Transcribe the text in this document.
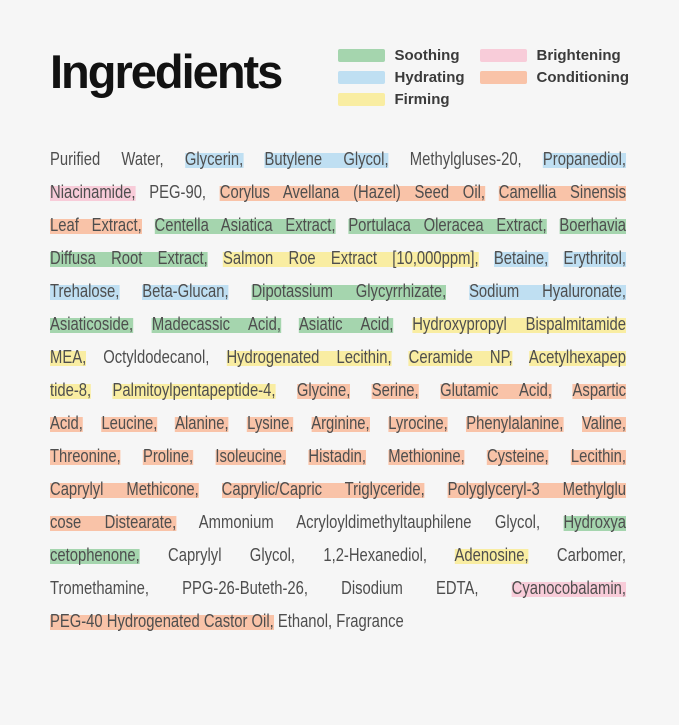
Ingredients	Soothing
Hydrating
Firming
Brightening
Conditioning
Purified Water, Glycerin, Butylene Glycol, Methylgluses-20, Propanediol,
Niacinamide, PEG-90, Corylus Avellana (Hazel) Seed Oil, Camellia Sinensis
Leaf Extract, Centella Asiatica Extract, Portulaca Oleracea Extract, Boerhavia
Diffusa Root Extract, Salmon Roe Extract [10,000ppm], Betaine, Erythritol,
Trehalose, Beta-Glucan, Dipotassium Glycyrrhizate, Sodium Hyaluronate,
Asiaticoside, Madecassic Acid, Asiatic Acid, Hydroxypropyl Bispalmitamide
MEA, Octyldodecanol, Hydrogenated Lecithin, Ceramide NP, Acetylhexapep
tide-8, Palmitoylpentapeptide-4, Glycine, Serine, Glutamic Acid, Aspartic
Acid, Leucine, Alanine, Lysine, Arginine, Lyrocine, Phenylalanine, Valine,
Threonine, Proline, Isoleucine, Histadin, Methionine, Cysteine, Lecithin,
Caprylyl Methicone, Caprylic/Capric Triglyceride, Polyglyceryl-3 Methylglu
cose Distearate, Ammonium Acryloyldimethyltauphilene Glycol, Hydroxya
cetophenone, Caprylyl Glycol, 1,2-Hexanediol, Adenosine, Carbomer,
Tromethamine, PPG-26-Buteth-26, Disodium EDTA, Cyanocobalamin,
PEG-40 Hydrogenated Castor Oil, Ethanol, Fragrance
